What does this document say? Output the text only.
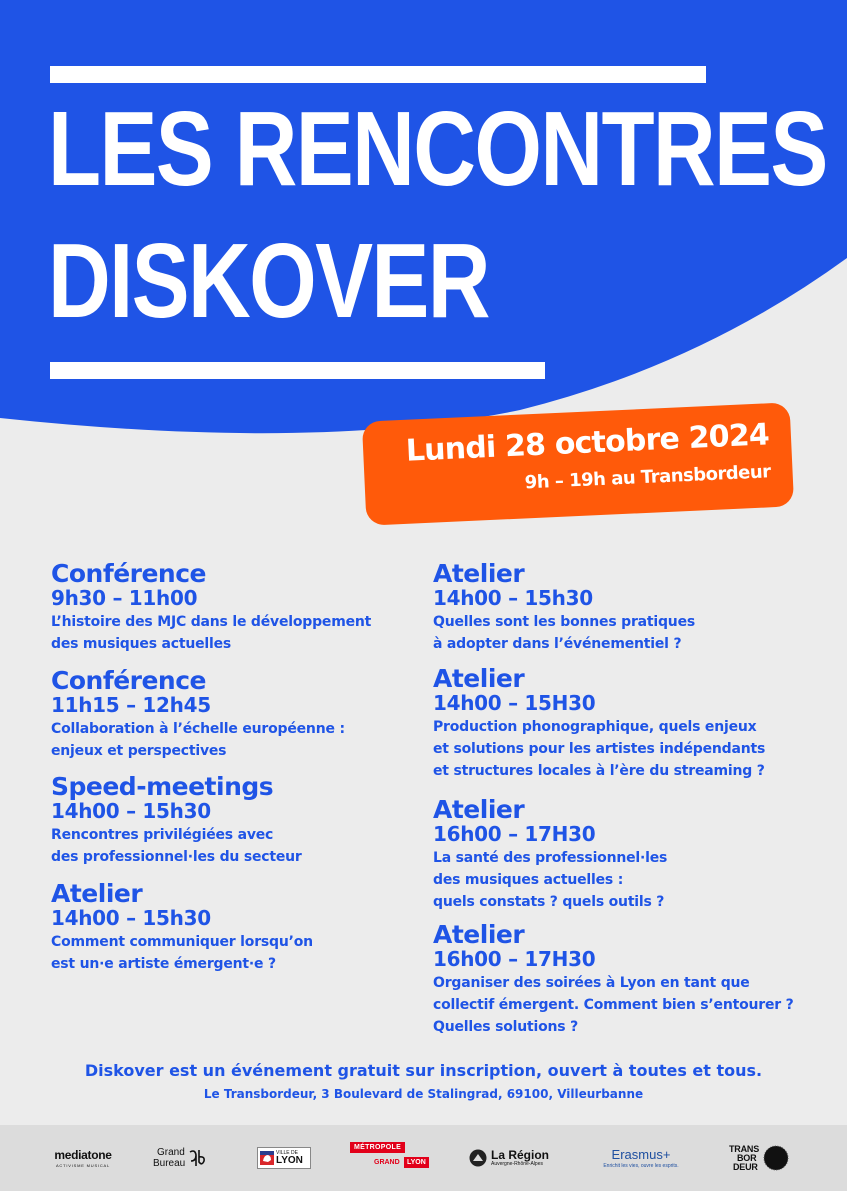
LES RENCONTRES
DISKOVER
Lundi 28 octobre 2024
9h – 19h au Transbordeur
Conférence
9h30 – 11h00
L’histoire des MJC dans le développement
des musiques actuelles
Conférence
11h15 – 12h45
Collaboration à l’échelle européenne :
enjeux et perspectives
Speed-meetings
14h00 – 15h30
Rencontres privilégiées avec
des professionnel·les du secteur
Atelier
14h00 – 15h30
Comment communiquer lorsqu’on
est un·e artiste émergent·e ?
Atelier
14h00 – 15h30
Quelles sont les bonnes pratiques
à adopter dans l’événementiel ?
Atelier
14h00 – 15H30
Production phonographique, quels enjeux
et solutions pour les artistes indépendants
et structures locales à l’ère du streaming ?
Atelier
16h00 – 17H30
La santé des professionnel·les
des musiques actuelles :
quels constats ? quels outils ?
Atelier
16h00 – 17H30
Organiser des soirées à Lyon en tant que
collectif émergent. Comment bien s’entourer ?
Quelles solutions ?
Diskover est un événement gratuit sur inscription, ouvert à toutes et tous.
Le Transbordeur, 3 Boulevard de Stalingrad, 69100, Villeurbanne
mediatone
ACTIVISME MUSICAL
Grand
Bureau
VILLE DE
LYON
MÉTROPOLE
GRAND	LYON
La Région
Auvergne-Rhône-Alpes
Erasmus+
Enrichit les vies, ouvre les esprits.
TRANS
BOR
DEUR
